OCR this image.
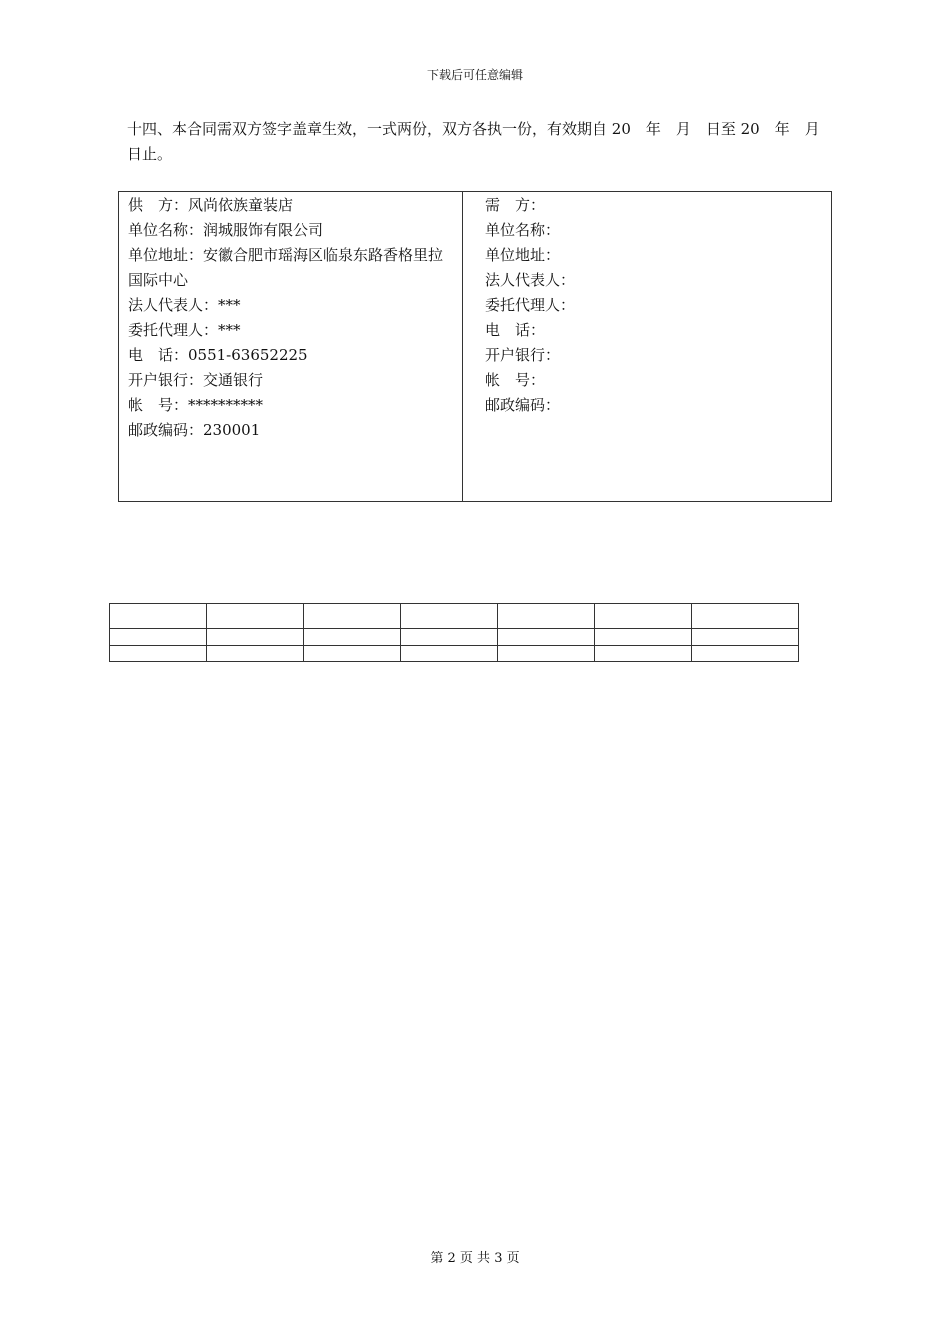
下载后可任意编辑

十四、本合同需双方签字盖章生效，一式两份，双方各执一份，有效期自 20　年　月　日至 20　年　月　日止。

供　方：风尚依族童装店
单位名称：润城服饰有限公司
单位地址：安徽合肥市瑶海区临泉东路香格里拉国际中心
法人代表人：***
委托代理人：***
电　话：0551-63652225
开户银行：交通银行
帐　号：**********
邮政编码：230001

需　方：
单位名称：
单位地址：
法人代表人：
委托代理人：
电　话：
开户银行：
帐　号：
邮政编码：

第 2 页 共 3 页
